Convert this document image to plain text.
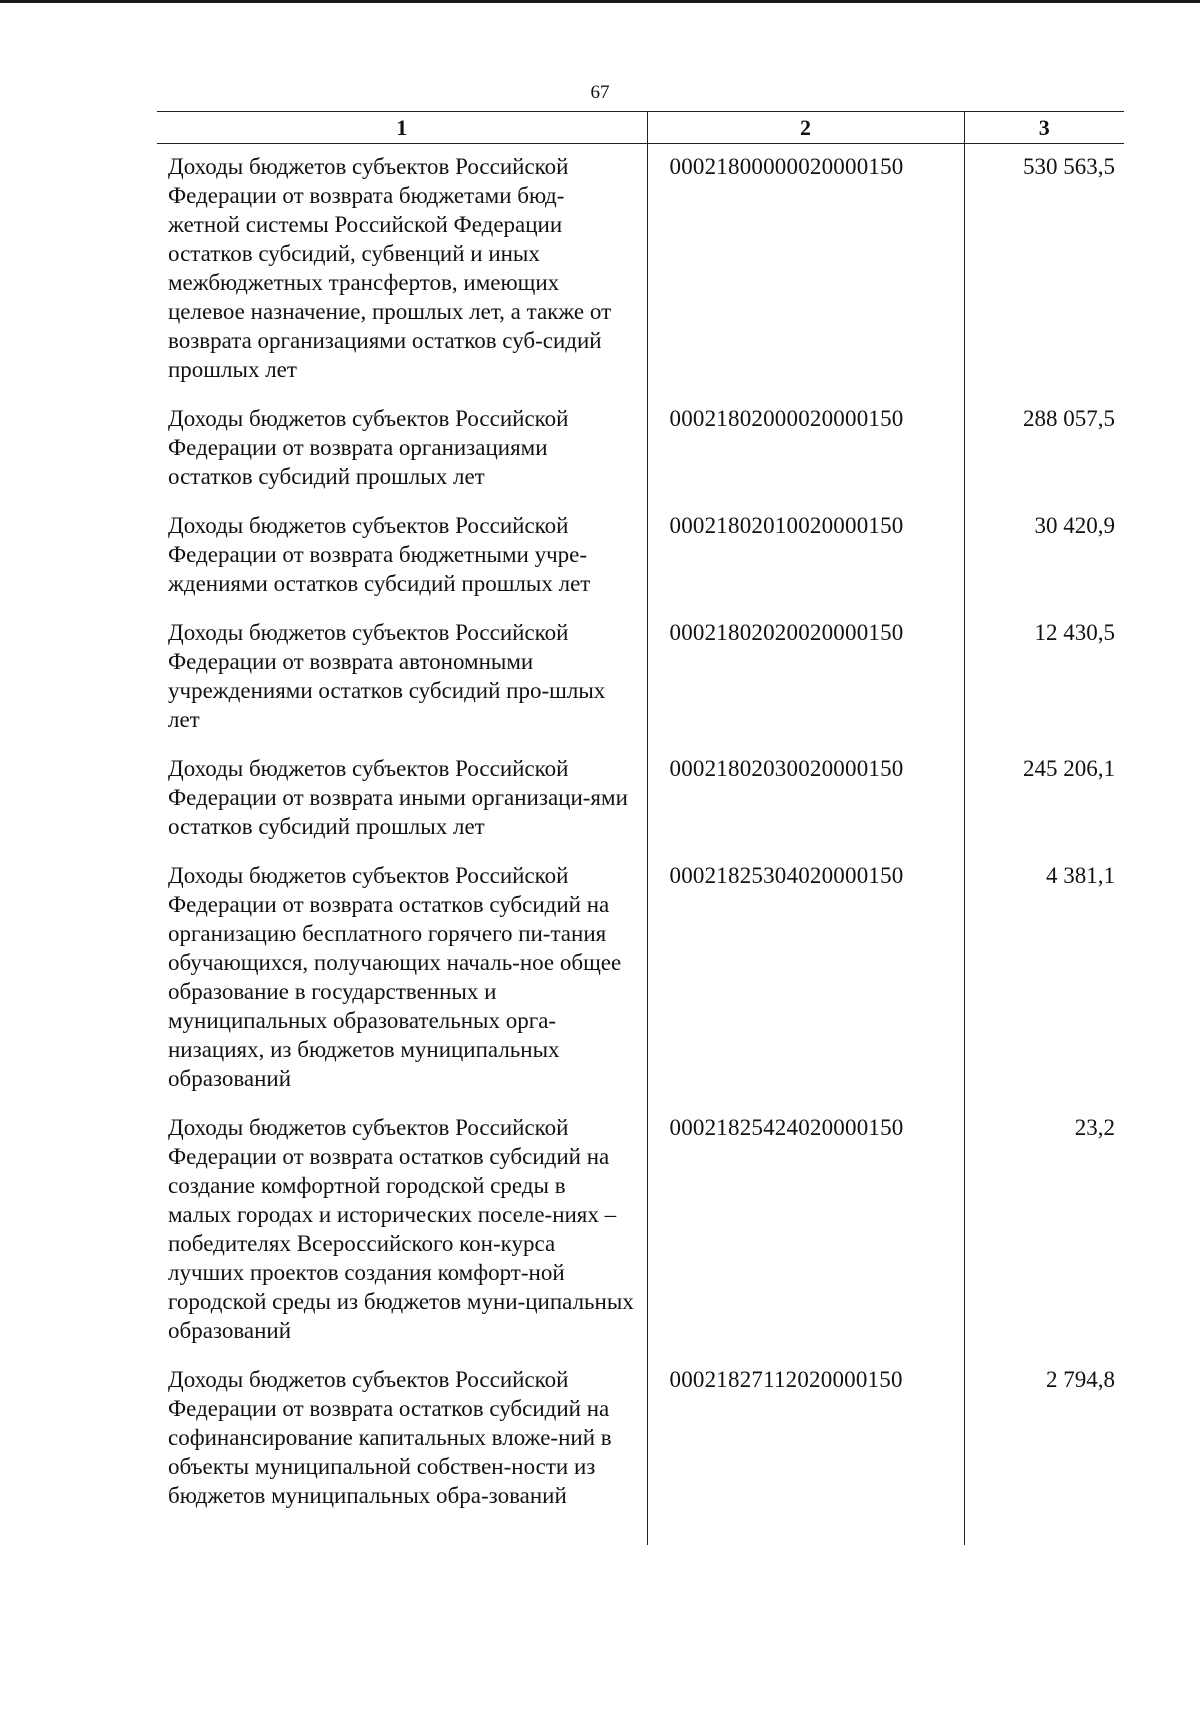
67
1	2	3
Доходы бюджетов субъектов Российской Федерации от возврата бюджетами бюд-жетной системы Российской Федерации остатков субсидий, субвенций и иных межбюджетных трансфертов, имеющих целевое назначение, прошлых лет, а также от возврата организациями остатков суб-сидий прошлых лет	00021800000020000150	530 563,5
Доходы бюджетов субъектов Российской Федерации от возврата организациями остатков субсидий прошлых лет	00021802000020000150	288 057,5
Доходы бюджетов субъектов Российской Федерации от возврата бюджетными учре-ждениями остатков субсидий прошлых лет	00021802010020000150	30 420,9
Доходы бюджетов субъектов Российской Федерации от возврата автономными учреждениями остатков субсидий про-шлых лет	00021802020020000150	12 430,5
Доходы бюджетов субъектов Российской Федерации от возврата иными организаци-ями остатков субсидий прошлых лет	00021802030020000150	245 206,1
Доходы бюджетов субъектов Российской Федерации от возврата остатков субсидий на организацию бесплатного горячего пи-тания обучающихся, получающих началь-ное общее образование в государственных и муниципальных образовательных орга-низациях, из бюджетов муниципальных образований	00021825304020000150	4 381,1
Доходы бюджетов субъектов Российской Федерации от возврата остатков субсидий на создание комфортной городской среды в малых городах и исторических поселе-ниях – победителях Всероссийского кон-курса лучших проектов создания комфорт-ной городской среды из бюджетов муни-ципальных образований	00021825424020000150	23,2
Доходы бюджетов субъектов Российской Федерации от возврата остатков субсидий на софинансирование капитальных вложе-ний в объекты муниципальной собствен-ности из бюджетов муниципальных обра-зований	00021827112020000150	2 794,8
